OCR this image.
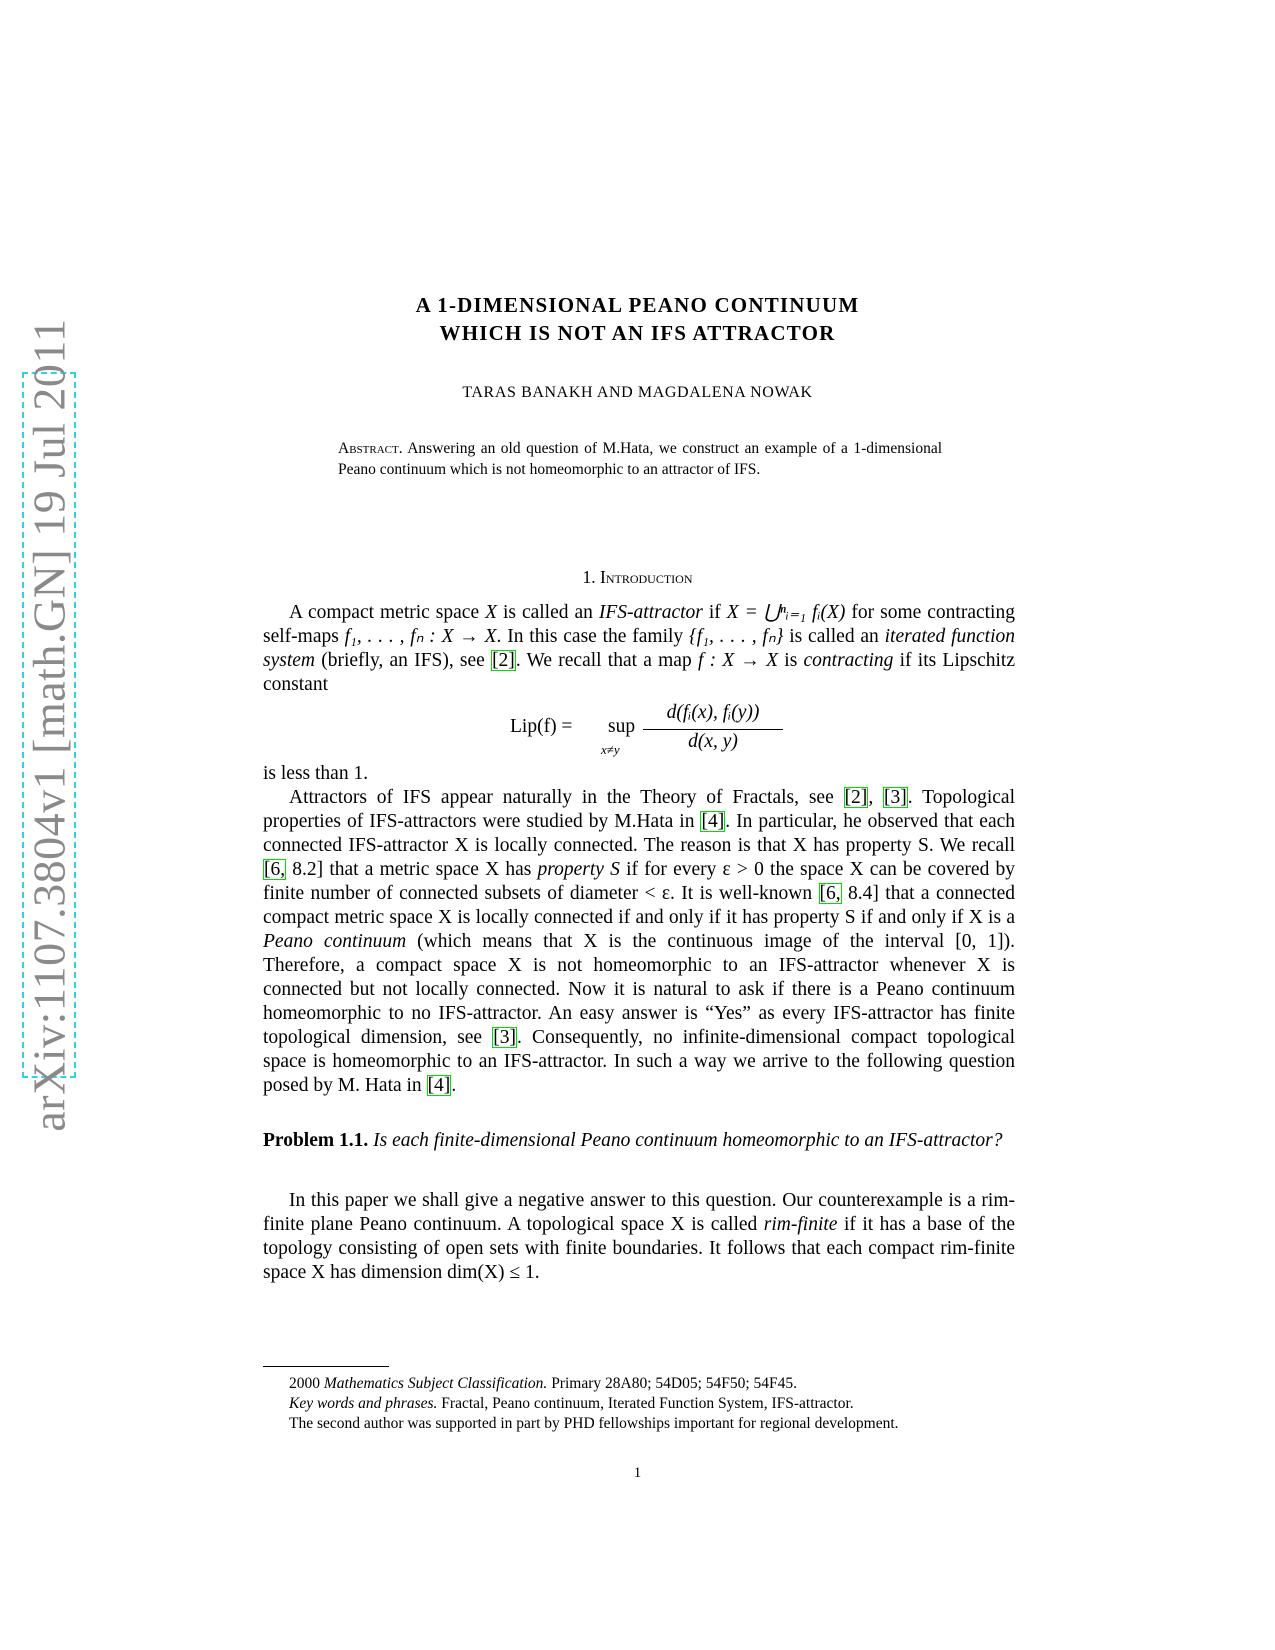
arXiv:1107.3804v1 [math.GN] 19 Jul 2011
A 1-DIMENSIONAL PEANO CONTINUUM
WHICH IS NOT AN IFS ATTRACTOR
TARAS BANAKH AND MAGDALENA NOWAK
Abstract. Answering an old question of M.Hata, we construct an example of a 1-dimensional Peano continuum which is not homeomorphic to an attractor of IFS.
1. Introduction

A compact metric space X is called an IFS-attractor if X = ⋃ⁿᵢ₌₁ fᵢ(X) for some contracting self-maps f₁, . . . , fₙ : X → X. In this case the family {f₁, . . . , fₙ} is called an iterated function system (briefly, an IFS), see [2]. We recall that a map f : X → X is contracting if its Lipschitz constant

Lip(f) = sup
x≠y
d(fᵢ(x), fᵢ(y))
d(x, y)

is less than 1.

Attractors of IFS appear naturally in the Theory of Fractals, see [2], [3]. Topological properties of IFS-attractors were studied by M.Hata in [4]. In particular, he observed that each connected IFS-attractor X is locally connected. The reason is that X has property S. We recall [6, 8.2] that a metric space X has property S if for every ε > 0 the space X can be covered by finite number of connected subsets of diameter < ε. It is well-known [6, 8.4] that a connected compact metric space X is locally connected if and only if it has property S if and only if X is a Peano continuum (which means that X is the continuous image of the interval [0, 1]). Therefore, a compact space X is not homeomorphic to an IFS-attractor whenever X is connected but not locally connected. Now it is natural to ask if there is a Peano continuum homeomorphic to no IFS-attractor. An easy answer is “Yes” as every IFS-attractor has finite topological dimension, see [3]. Consequently, no infinite-dimensional compact topological space is homeomorphic to an IFS-attractor. In such a way we arrive to the following question posed by M. Hata in [4].

Problem 1.1. Is each finite-dimensional Peano continuum homeomorphic to an IFS-attractor?

In this paper we shall give a negative answer to this question. Our counterexample is a rim-finite plane Peano continuum. A topological space X is called rim-finite if it has a base of the topology consisting of open sets with finite boundaries. It follows that each compact rim-finite space X has dimension dim(X) ≤ 1.

2000 Mathematics Subject Classification. Primary 28A80; 54D05; 54F50; 54F45.

Key words and phrases. Fractal, Peano continuum, Iterated Function System, IFS-attractor.

The second author was supported in part by PHD fellowships important for regional development.

1
